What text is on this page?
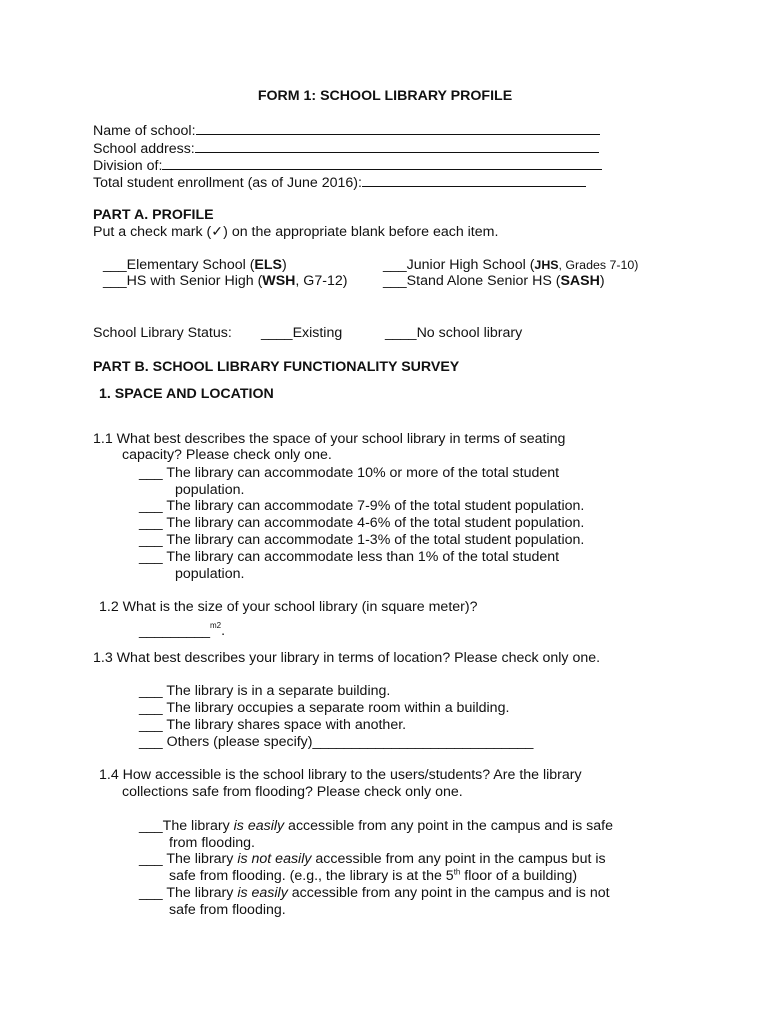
FORM 1: SCHOOL LIBRARY PROFILE
Name of school:
School address:
Division of:
Total student enrollment (as of June 2016):
PART A. PROFILE
Put a check mark (✓) on the appropriate blank before each item.
___Elementary School (ELS)	___Junior High School (JHS, Grades 7-10)
___HS with Senior High (WSH, G7-12)	___Stand Alone Senior HS (SASH)
School Library Status: ____Existing	____No school library
PART B. SCHOOL LIBRARY FUNCTIONALITY SURVEY
1. SPACE AND LOCATION
1.1 What best describes the space of your school library in terms of seating
capacity? Please check only one.
___ The library can accommodate 10% or more of the total student
population.
___ The library can accommodate 7-9% of the total student population.
___ The library can accommodate 4-6% of the total student population.
___ The library can accommodate 1-3% of the total student population.
___ The library can accommodate less than 1% of the total student
population.
1.2 What is the size of your school library (in square meter)?
_________$^{m2}$.
1.3 What best describes your library in terms of location? Please check only one.
___ The library is in a separate building.
___ The library occupies a separate room within a building.
___ The library shares space with another.
___ Others (please specify)____________________________
1.4 How accessible is the school library to the users/students? Are the library
collections safe from flooding? Please check only one.
___The library is easily accessible from any point in the campus and is safe
from flooding.
___ The library is not easily accessible from any point in the campus but is
safe from flooding. (e.g., the library is at the 5th floor of a building)
___ The library is easily accessible from any point in the campus and is not
safe from flooding.
